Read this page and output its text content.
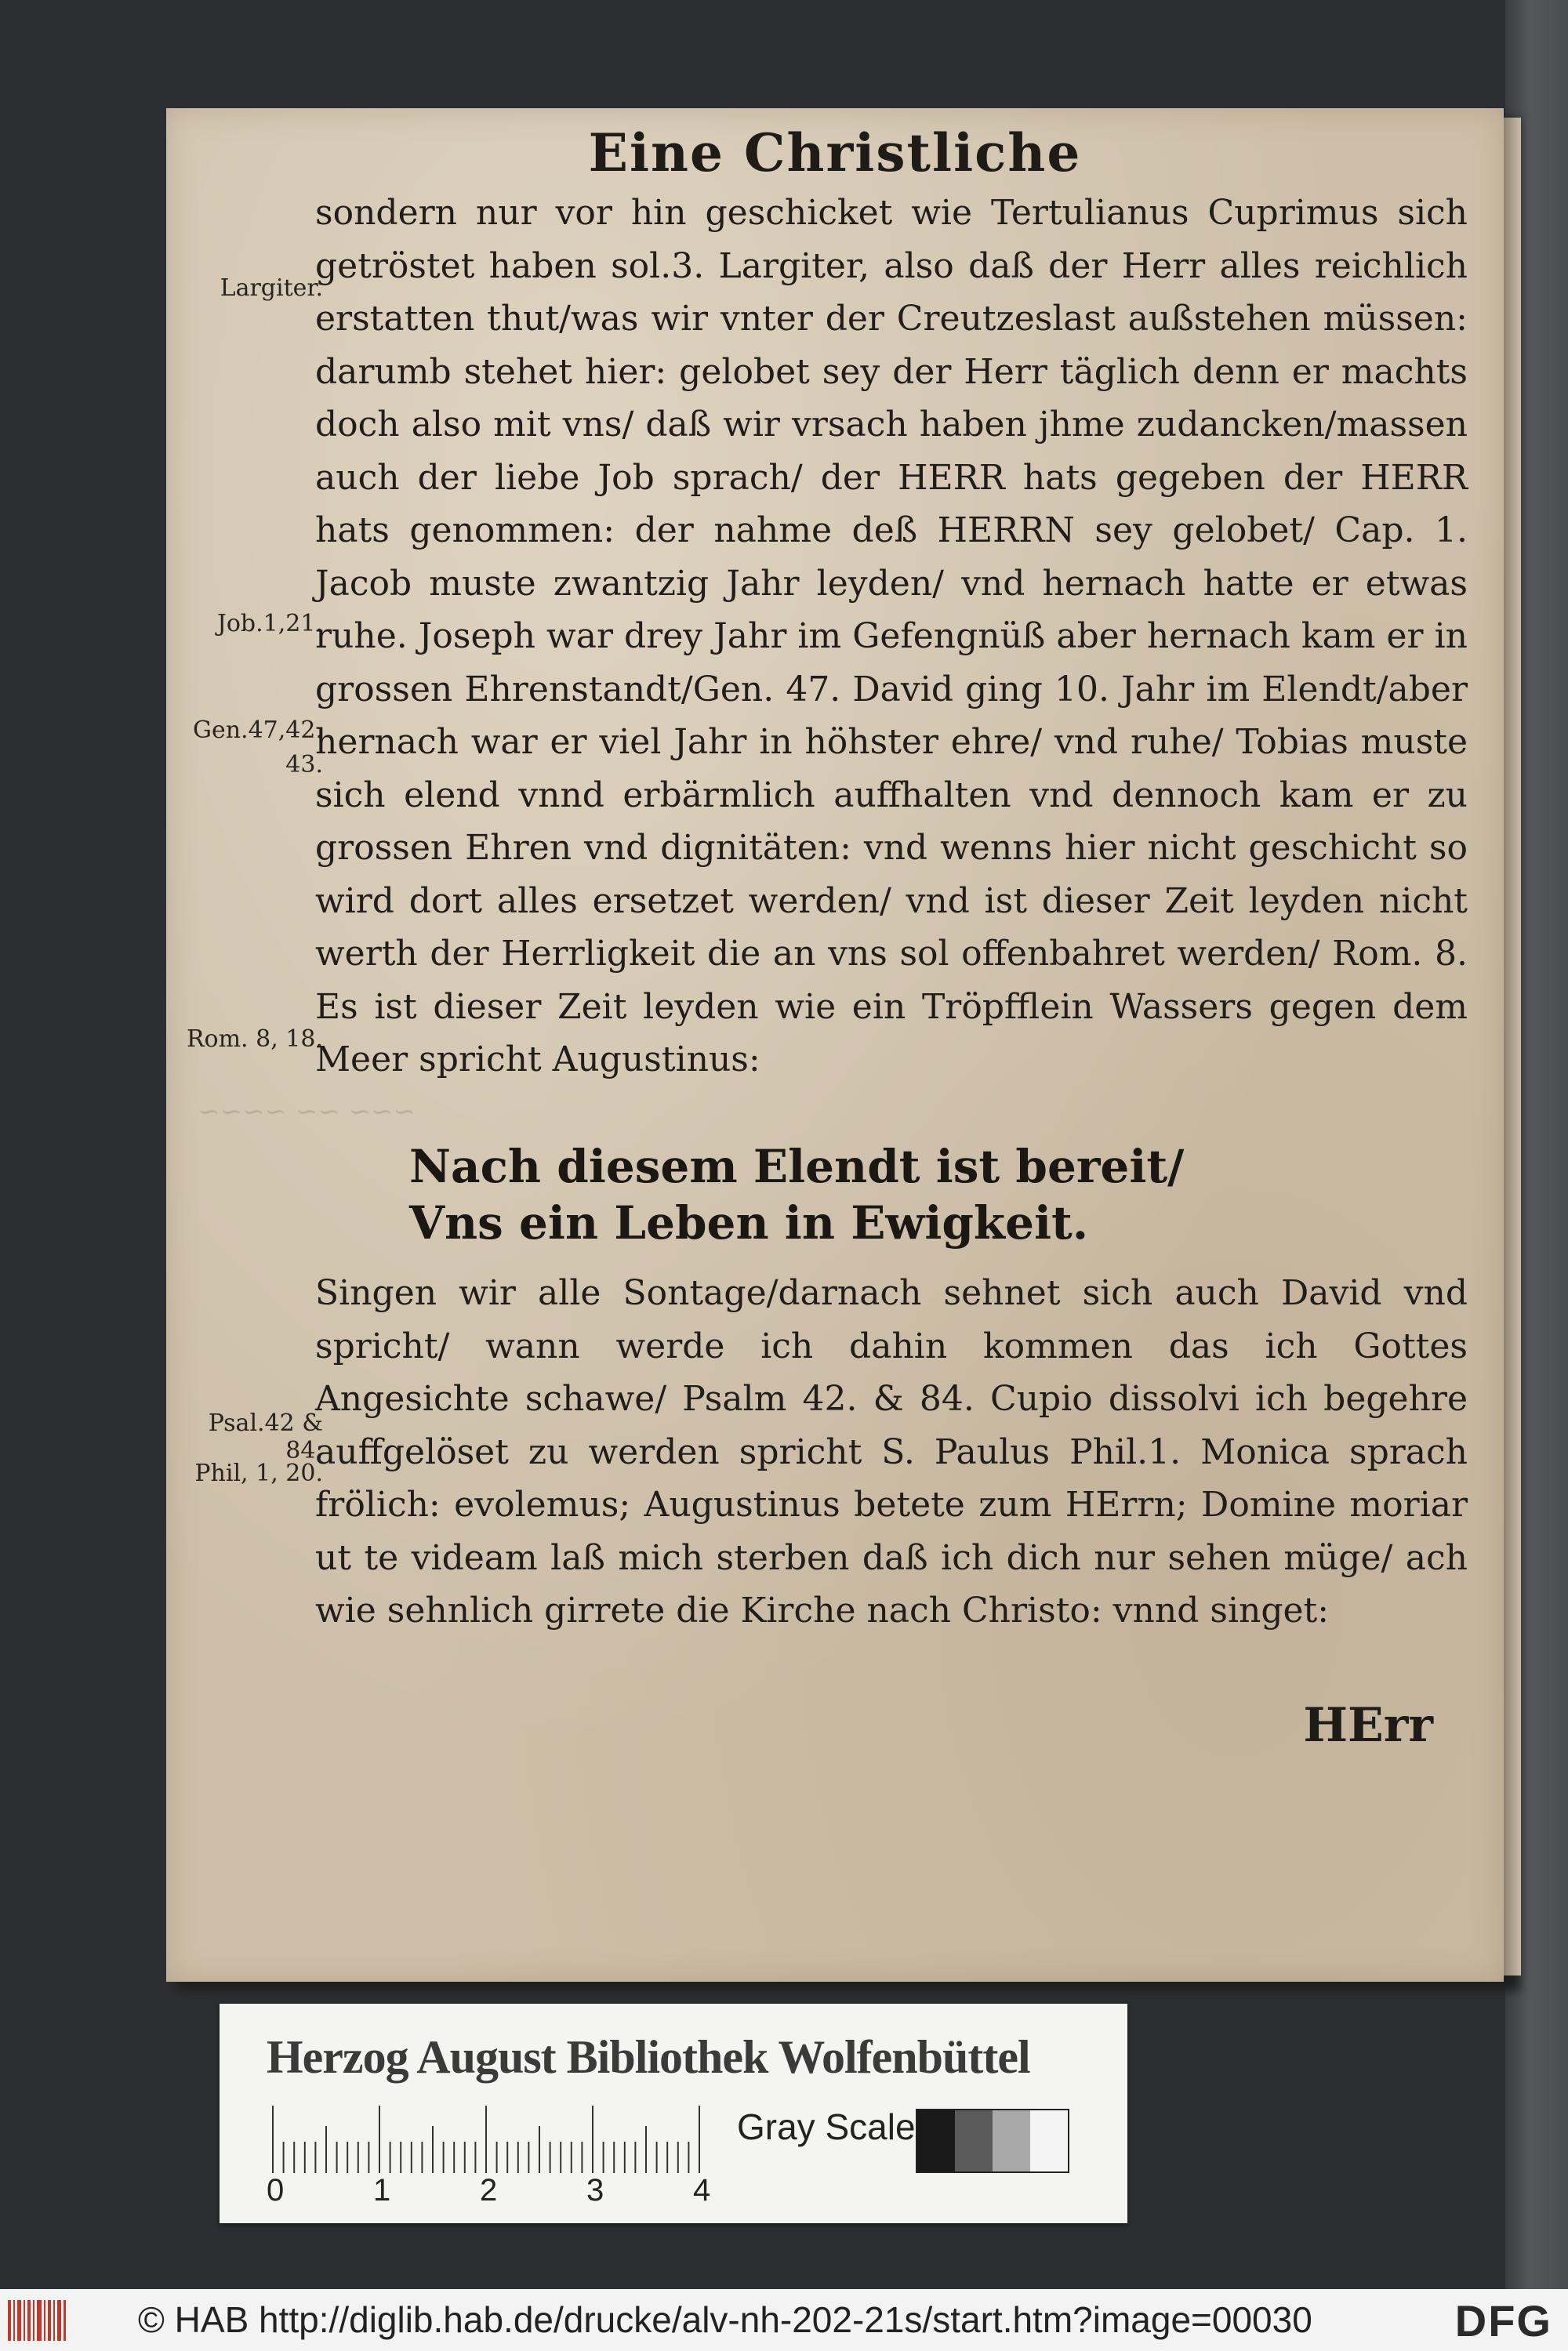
~~~ ~~ ~~~~
Eine Christliche
Largiter.
Job.1,21.
Gen.47,42.
43.
Rom. 8, 18.
Psal.42 & 84.
Phil, 1, 20.

sondern nur vor hin geschicket wie Tertulianus Cuprimus sich getröstet haben sol.3. Largiter, also daß der Herr alles reichlich erstatten thut/was wir vnter der Creutzeslast außstehen müssen: darumb stehet hier: gelobet sey der Herr täglich denn er machts doch also mit vns/ daß wir vrsach haben jhme zudancken/massen auch der liebe Job sprach/ der HERR hats gegeben der HERR hats genommen: der nahme deß HERRN sey gelobet/ Cap. 1. Jacob muste zwantzig Jahr leyden/ vnd hernach hatte er etwas ruhe. Joseph war drey Jahr im Gefengnüß aber hernach kam er in grossen Ehrenstandt/Gen. 47. David ging 10. Jahr im Elendt/aber hernach war er viel Jahr in höhster ehre/ vnd ruhe/ Tobias muste sich elend vnnd erbärmlich auffhalten vnd dennoch kam er zu grossen Ehren vnd dignitäten: vnd wenns hier nicht geschicht so wird dort alles ersetzet werden/ vnd ist dieser Zeit leyden nicht werth der Herrligkeit die an vns sol offenbahret werden/ Rom. 8. Es ist dieser Zeit leyden wie ein Tröpfflein Wassers gegen dem Meer spricht Augustinus:

Nach diesem Elendt ist bereit/
Vns ein Leben in Ewigkeit.

Singen wir alle Sontage/darnach sehnet sich auch David vnd spricht/ wann werde ich dahin kommen das ich Gottes Angesichte schawe/ Psalm 42. & 84. Cupio dissolvi ich begehre auffgelöset zu werden spricht S. Paulus Phil.1. Monica sprach frölich: evolemus; Augustinus betete zum HErrn; Domine moriar ut te videam laß mich sterben daß ich dich nur sehen müge/ ach wie sehnlich girrete die Kirche nach Christo: vnnd singet:

HErr
Herzog August Bibliothek Wolfenbüttel
0	1	2	3	4
Gray Scale
© HAB http://diglib.hab.de/drucke/alv-nh-202-21s/start.htm?image=00030	DFG
